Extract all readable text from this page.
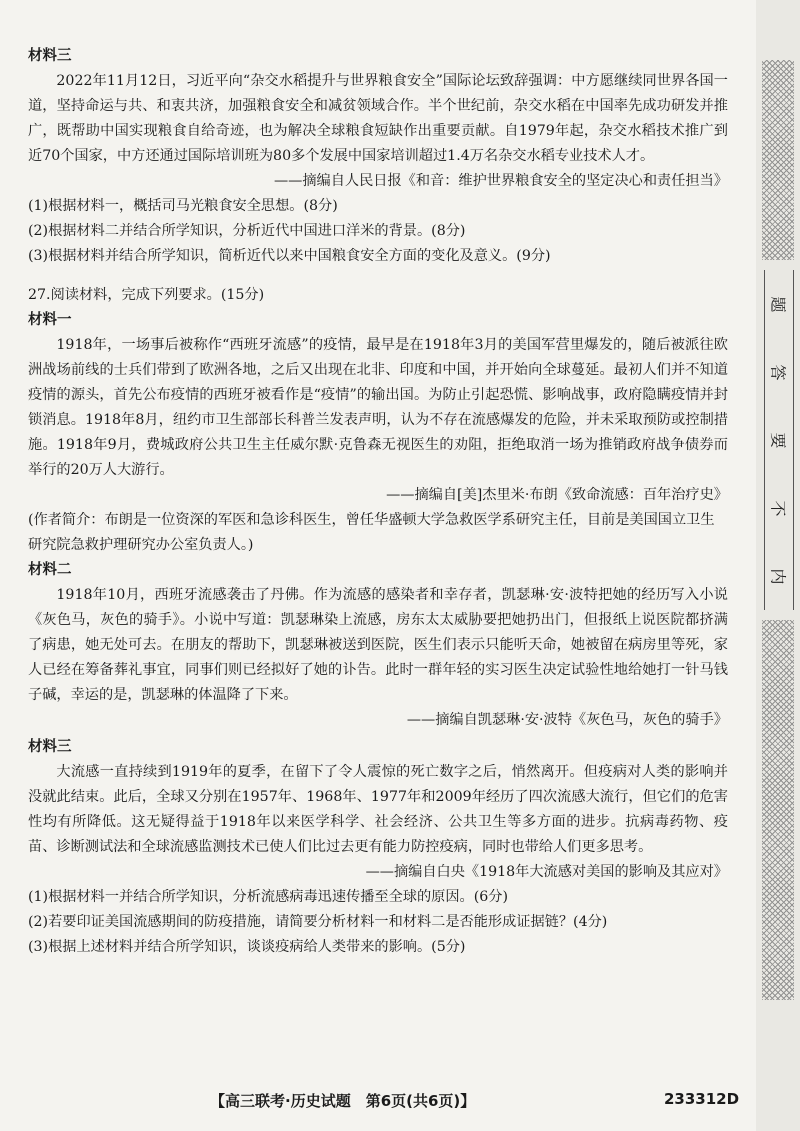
题
答
要
不
内

材料三

2022年11月12日，习近平向“杂交水稻提升与世界粮食安全”国际论坛致辞强调：中方愿继续同世界各国一道，坚持命运与共、和衷共济，加强粮食安全和减贫领域合作。半个世纪前，杂交水稻在中国率先成功研发并推广，既帮助中国实现粮食自给奇迹，也为解决全球粮食短缺作出重要贡献。自1979年起，杂交水稻技术推广到近70个国家，中方还通过国际培训班为80多个发展中国家培训超过1.4万名杂交水稻专业技术人才。

——摘编自人民日报《和音：维护世界粮食安全的坚定决心和责任担当》

(1)根据材料一，概括司马光粮食安全思想。(8分)

(2)根据材料二并结合所学知识，分析近代中国进口洋米的背景。(8分)

(3)根据材料并结合所学知识，简析近代以来中国粮食安全方面的变化及意义。(9分)

27.阅读材料，完成下列要求。(15分)

材料一

1918年，一场事后被称作“西班牙流感”的疫情，最早是在1918年3月的美国军营里爆发的，随后被派往欧洲战场前线的士兵们带到了欧洲各地，之后又出现在北非、印度和中国，并开始向全球蔓延。最初人们并不知道疫情的源头，首先公布疫情的西班牙被看作是“疫情”的输出国。为防止引起恐慌、影响战事，政府隐瞒疫情并封锁消息。1918年8月，纽约市卫生部部长科普兰发表声明，认为不存在流感爆发的危险，并未采取预防或控制措施。1918年9月，费城政府公共卫生主任威尔默·克鲁森无视医生的劝阻，拒绝取消一场为推销政府战争债券而举行的20万人大游行。

——摘编自[美]杰里米·布朗《致命流感：百年治疗史》

(作者简介：布朗是一位资深的军医和急诊科医生，曾任华盛顿大学急救医学系研究主任，目前是美国国立卫生研究院急救护理研究办公室负责人。)

材料二

1918年10月，西班牙流感袭击了丹佛。作为流感的感染者和幸存者，凯瑟琳·安·波特把她的经历写入小说《灰色马，灰色的骑手》。小说中写道：凯瑟琳染上流感，房东太太威胁要把她扔出门，但报纸上说医院都挤满了病患，她无处可去。在朋友的帮助下，凯瑟琳被送到医院，医生们表示只能听天命，她被留在病房里等死，家人已经在筹备葬礼事宜，同事们则已经拟好了她的讣告。此时一群年轻的实习医生决定试验性地给她打一针马钱子碱，幸运的是，凯瑟琳的体温降了下来。

——摘编自凯瑟琳·安·波特《灰色马，灰色的骑手》

材料三

大流感一直持续到1919年的夏季，在留下了令人震惊的死亡数字之后，悄然离开。但疫病对人类的影响并没就此结束。此后，全球又分别在1957年、1968年、1977年和2009年经历了四次流感大流行，但它们的危害性均有所降低。这无疑得益于1918年以来医学科学、社会经济、公共卫生等多方面的进步。抗病毒药物、疫苗、诊断测试法和全球流感监测技术已使人们比过去更有能力防控疫病，同时也带给人们更多思考。

——摘编自白央《1918年大流感对美国的影响及其应对》

(1)根据材料一并结合所学知识，分析流感病毒迅速传播至全球的原因。(6分)

(2)若要印证美国流感期间的防疫措施，请简要分析材料一和材料二是否能形成证据链？(4分)

(3)根据上述材料并结合所学知识，谈谈疫病给人类带来的影响。(5分)

【高三联考·历史试题　第6页(共6页)】	233312D
